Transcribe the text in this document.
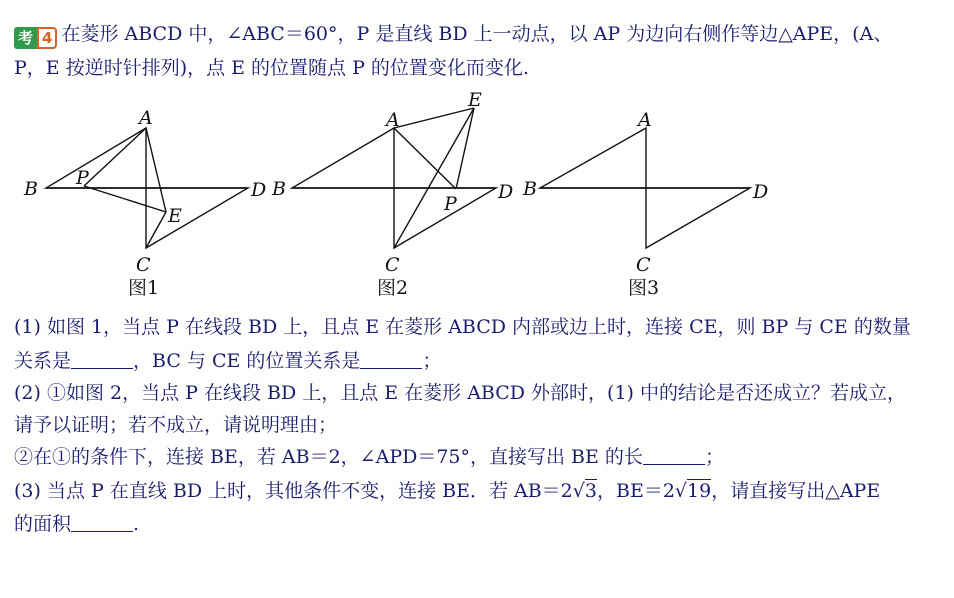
考 4 在菱形 ABCD 中，∠ABC＝60°，P 是直线 BD 上一动点，以 AP 为边向右侧作等边△APE，(A、
P，E 按逆时针排列)，点 E 的位置随点 P 的位置变化而变化.
A
B	D
P
E
C
图1
A
B	D
P
E
C
图2
A
B	D
C
图3
(1) 如图 1，当点 P 在线段 BD 上，且点 E 在菱形 ABCD 内部或边上时，连接 CE，则 BP 与 CE 的数量
关系是	，BC 与 CE 的位置关系是	；
(2) ①如图 2，当点 P 在线段 BD 上，且点 E 在菱形 ABCD 外部时，(1) 中的结论是否还成立？若成立，
请予以证明；若不成立，请说明理由；
②在①的条件下，连接 BE，若 AB＝2，∠APD＝75°，直接写出 BE 的长	；
(3) 当点 P 在直线 BD 上时，其他条件不变，连接 BE．若 AB＝2√3，BE＝2√19，请直接写出△APE
的面积	.
